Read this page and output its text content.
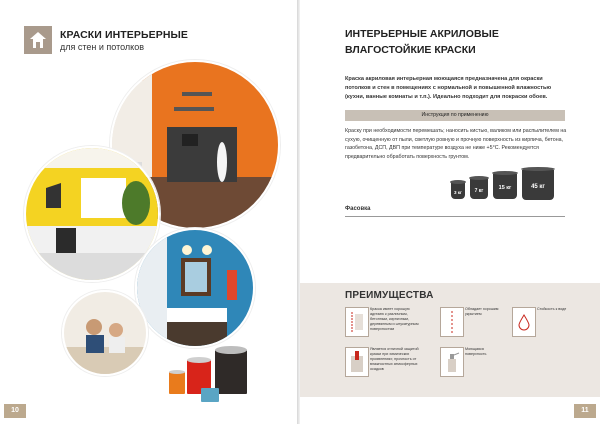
КРАСКИ ИНТЕРЬЕРНЫЕ
для стен и потолков
10
ИНТЕРЬЕРНЫЕ АКРИЛОВЫЕ
ВЛАГОСТОЙКИЕ КРАСКИ
Краска акриловая интерьерная моющаяся предназначена для окраски потолков и стен в помещениях с нормальной и повышенной влажностью (кухни, ванные комнаты и т.п.). Идеально подходит для покраски обоев.
Инструкция по применению
Краску при необходимости перемешать; наносить кистью, валиком или распылителем на сухую, очищенную от пыли, светлую ровную и прочную поверхность из кирпича, бетона, газобетона, ДСП, ДВП при температуре воздуха не ниже +5°С. Рекомендуется предварительно обработать поверхность грунтом.
3 кг	7 кг	15 кг	45 кг
Фасовка
ПРЕИМУЩЕСТВА
Краска имеет хорошую адгезию к различным, бетонным, кирпичным, деревянным и штукатурным поверхностям
Обладает хорошим укрытием
Стойкость к воде
Является отличной защитой краски при химических проявлениях; прочность от влажностных атмосферных осадков
Моющаяся поверхность
11
